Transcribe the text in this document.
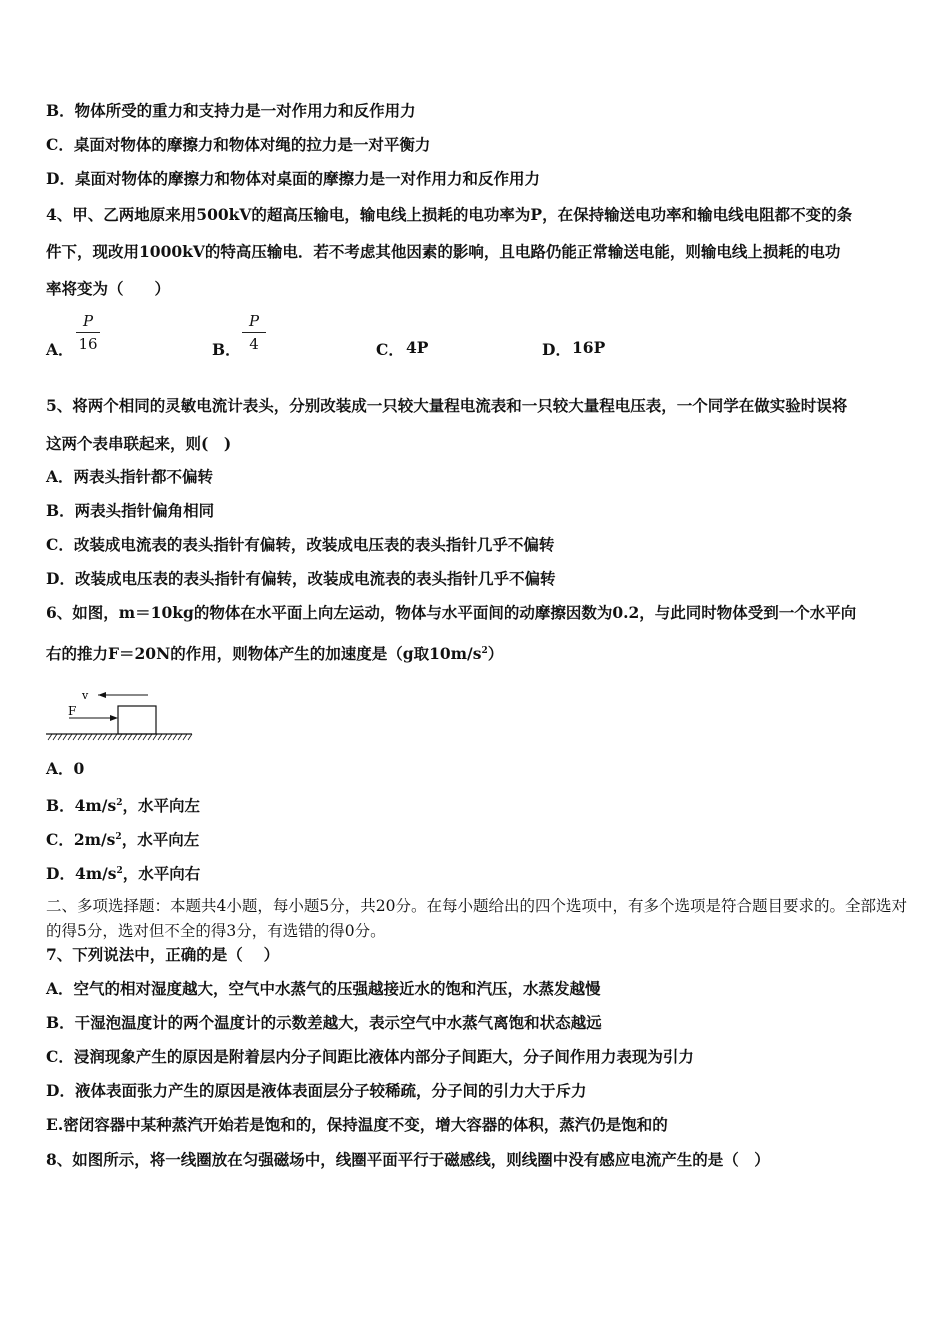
B．物体所受的重力和支持力是一对作用力和反作用力
C．桌面对物体的摩擦力和物体对绳的拉力是一对平衡力
D．桌面对物体的摩擦力和物体对桌面的摩擦力是一对作用力和反作用力
4、甲、乙两地原来用500kV的超高压输电，输电线上损耗的电功率为P，在保持输送电功率和输电线电阻都不变的条
件下，现改用1000kV的特高压输电．若不考虑其他因素的影响，且电路仍能正常输送电能，则输电线上损耗的电功
率将变为（　　）
A．
P
16	B．
P
4	C． 4P	D． 16P
5、将两个相同的灵敏电流计表头，分别改装成一只较大量程电流表和一只较大量程电压表，一个同学在做实验时误将
这两个表串联起来，则(　)
A．两表头指针都不偏转
B．两表头指针偏角相同
C．改装成电流表的表头指针有偏转，改装成电压表的表头指针几乎不偏转
D．改装成电压表的表头指针有偏转，改装成电流表的表头指针几乎不偏转
6、如图，m＝10kg的物体在水平面上向左运动，物体与水平面间的动摩擦因数为0.2，与此同时物体受到一个水平向
右的推力F＝20N的作用，则物体产生的加速度是（g取$10m/s^2$）
v
F
A．0
B．$4m/s^2$，水平向左
C．$2m/s^2$，水平向左
D．$4m/s^2$，水平向右
二、多项选择题：本题共4小题，每小题5分，共20分。在每小题给出的四个选项中，有多个选项是符合题目要求的。全部选对的得5分，选对但不全的得3分，有选错的得0分。
7、下列说法中，正确的是（　 ）
A．空气的相对湿度越大，空气中水蒸气的压强越接近水的饱和汽压，水蒸发越慢
B．干湿泡温度计的两个温度计的示数差越大，表示空气中水蒸气离饱和状态越远
C．浸润现象产生的原因是附着层内分子间距比液体内部分子间距大，分子间作用力表现为引力
D．液体表面张力产生的原因是液体表面层分子较稀疏，分子间的引力大于斥力
E.密闭容器中某种蒸汽开始若是饱和的，保持温度不变，增大容器的体积，蒸汽仍是饱和的
8、如图所示，将一线圈放在匀强磁场中，线圈平面平行于磁感线，则线圈中没有感应电流产生的是（　）
